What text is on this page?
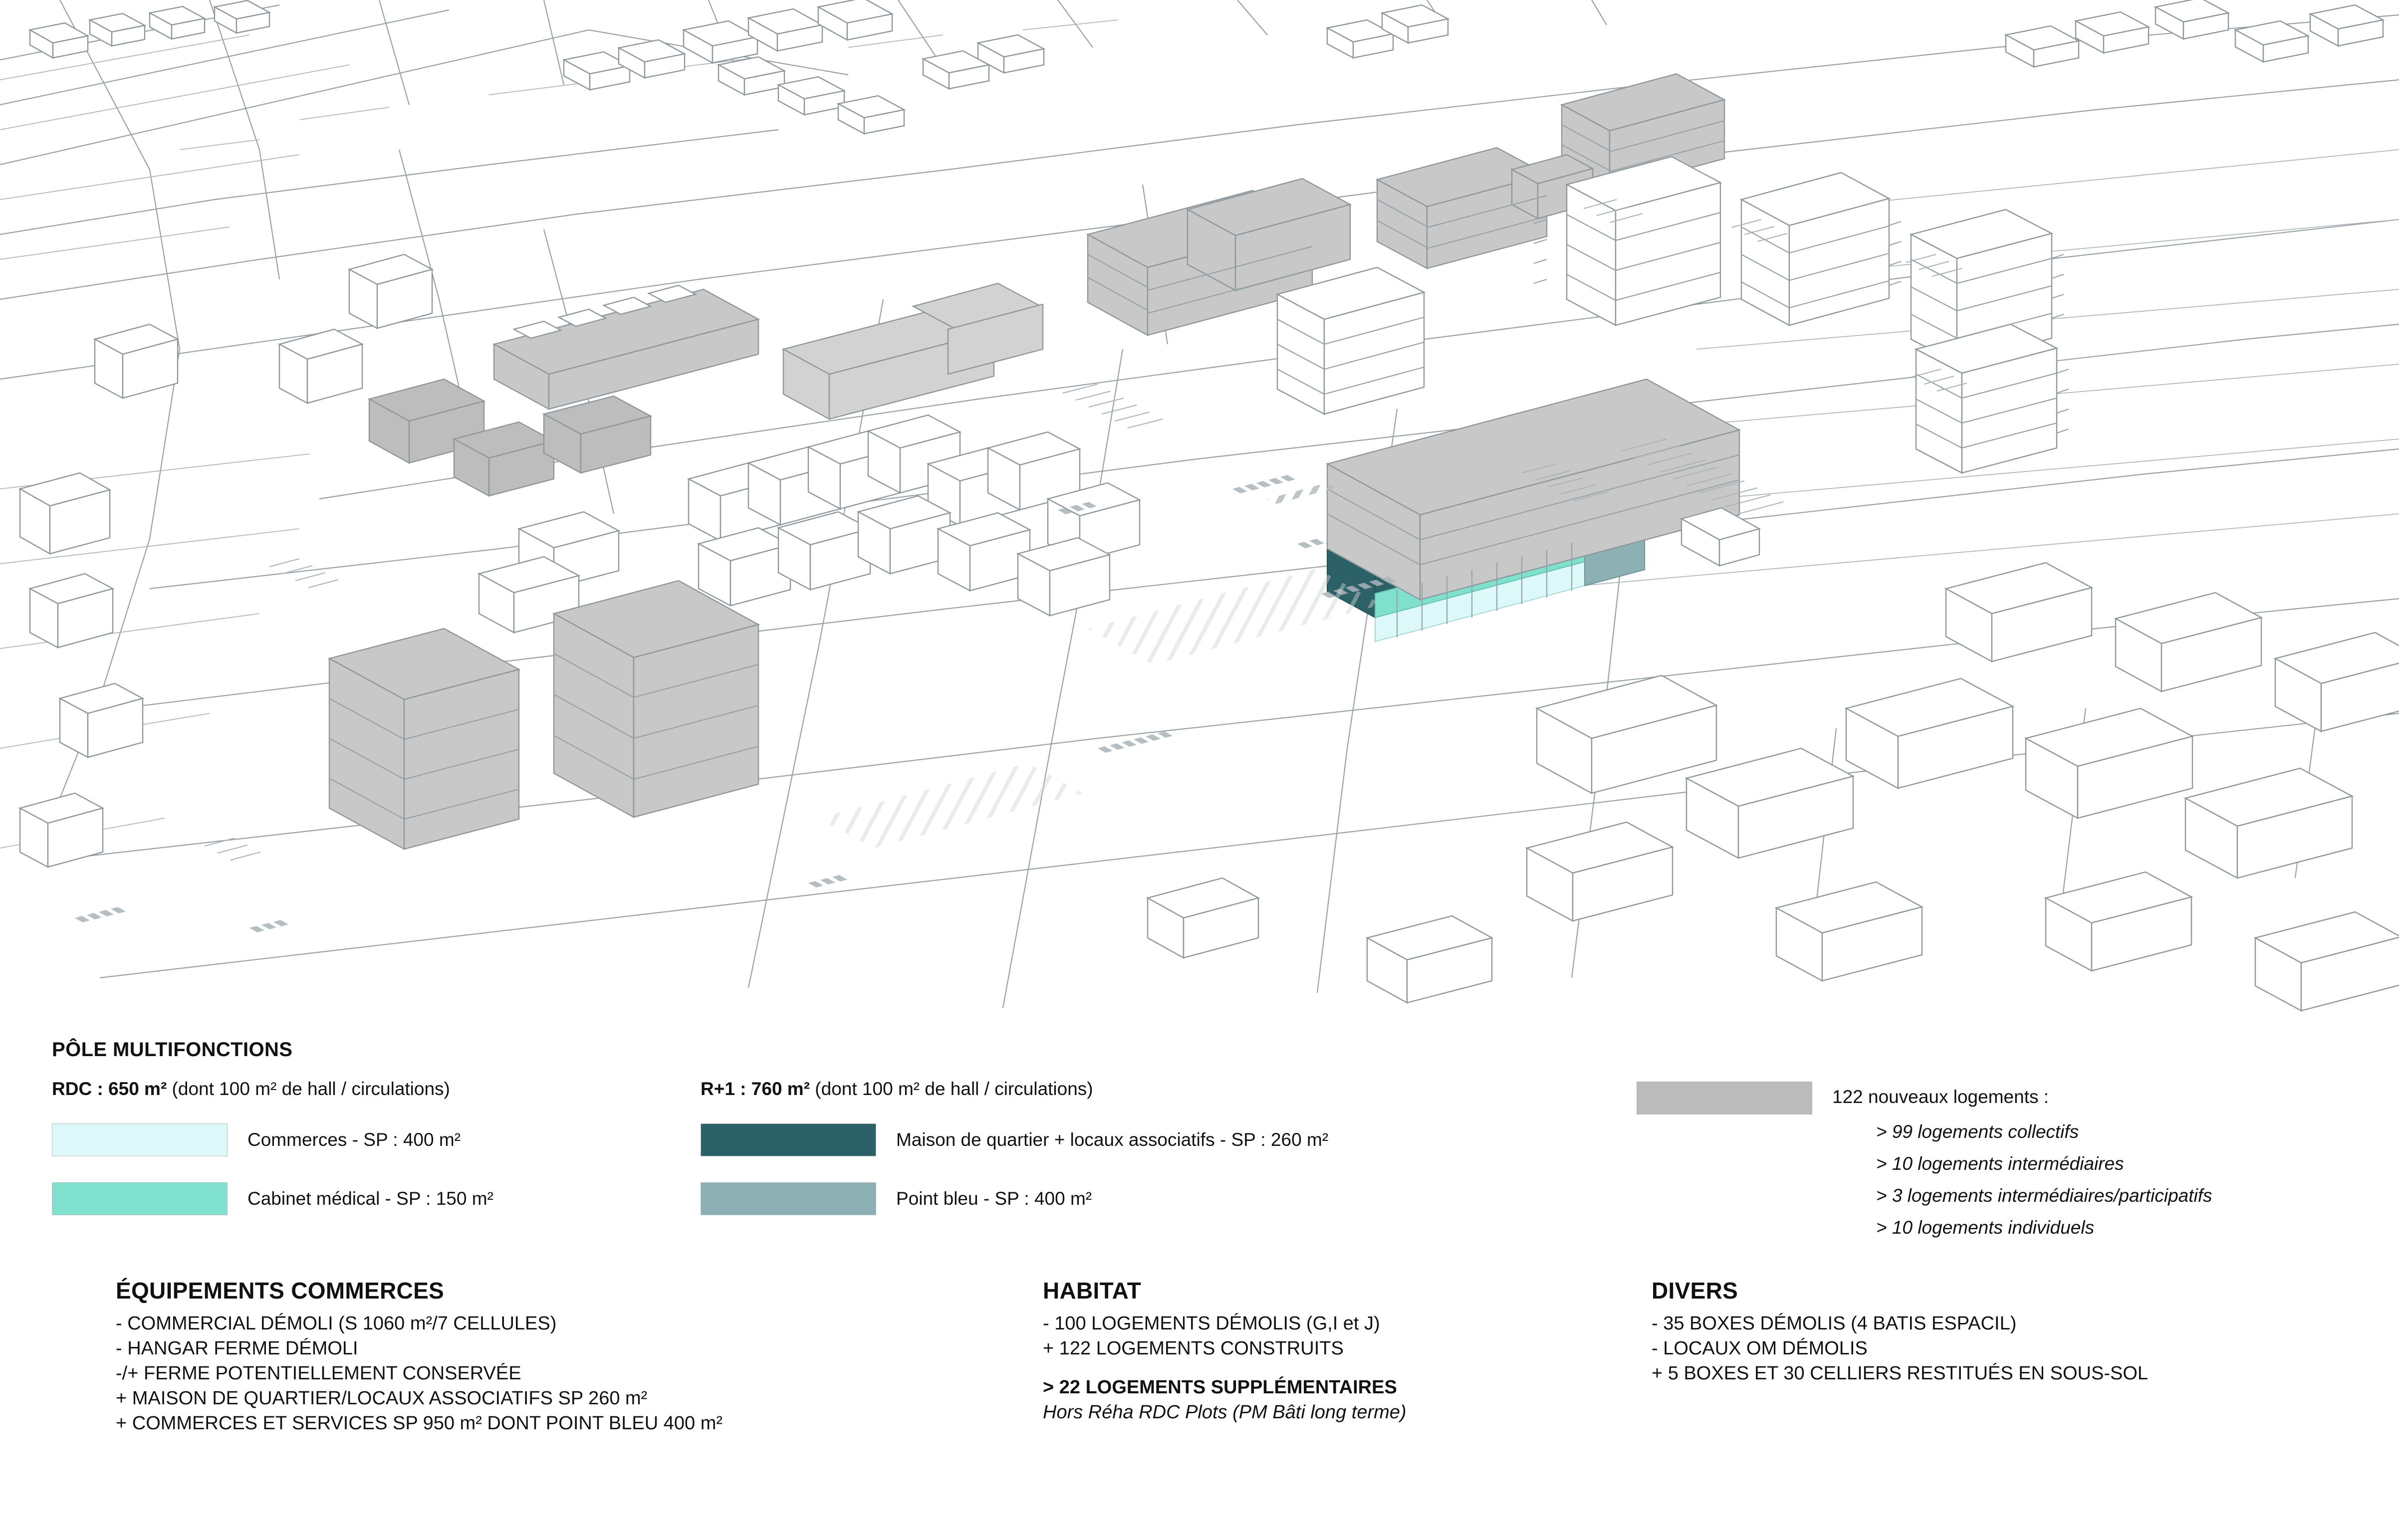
PÔLE MULTIFONCTIONS
RDC : 650 m² (dont 100 m² de hall / circulations)	R+1 : 760 m² (dont 100 m² de hall / circulations)
Commerces - SP : 400 m²
Cabinet médical - SP : 150 m²
Maison de quartier + locaux associatifs - SP : 260 m²
Point bleu - SP : 400 m²
122 nouveaux logements :
> 99 logements collectifs
> 10 logements intermédiaires
> 3 logements intermédiaires/participatifs
> 10 logements individuels
ÉQUIPEMENTS COMMERCES
- COMMERCIAL DÉMOLI (S 1060 m²/7 CELLULES)
- HANGAR FERME DÉMOLI
-/+ FERME POTENTIELLEMENT CONSERVÉE
+ MAISON DE QUARTIER/LOCAUX ASSOCIATIFS SP 260 m²
+ COMMERCES ET SERVICES SP 950 m² DONT POINT BLEU 400 m²
HABITAT
- 100 LOGEMENTS DÉMOLIS (G,I et J)
+ 122 LOGEMENTS CONSTRUITS
> 22 LOGEMENTS SUPPLÉMENTAIRES
Hors Réha RDC Plots (PM Bâti long terme)
DIVERS
- 35 BOXES DÉMOLIS (4 BATIS ESPACIL)
- LOCAUX OM DÉMOLIS
+ 5 BOXES ET 30 CELLIERS RESTITUÉS EN SOUS-SOL
